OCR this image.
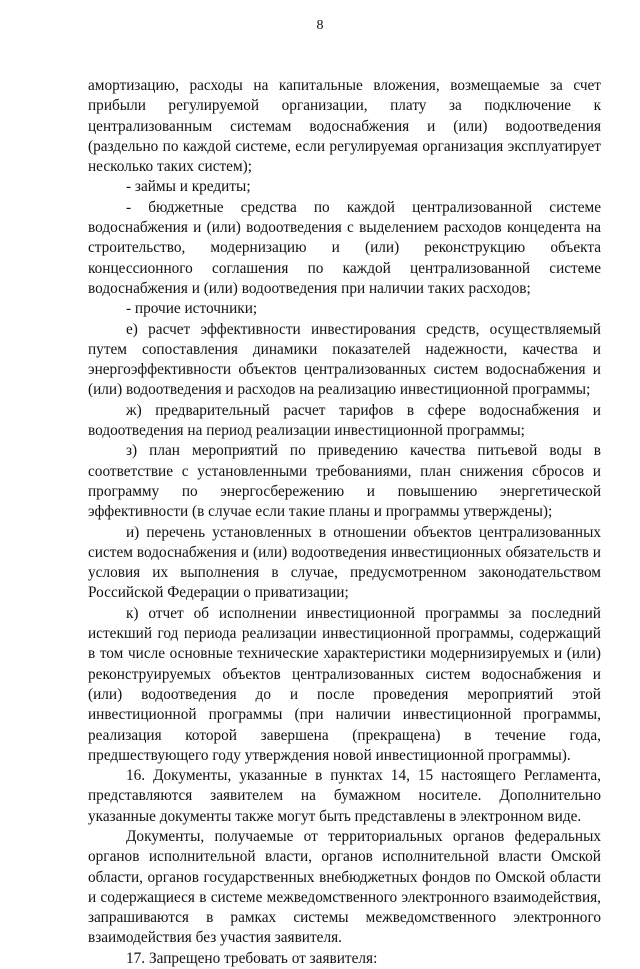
8

амортизацию, расходы на капитальные вложения, возмещаемые за счет прибыли регулируемой организации, плату за подключение к централизованным системам водоснабжения и (или) водоотведения (раздельно по каждой системе, если регулируемая организация эксплуатирует несколько таких систем);

- займы и кредиты;

- бюджетные средства по каждой централизованной системе водоснабжения и (или) водоотведения с выделением расходов концедента на строительство, модернизацию и (или) реконструкцию объекта концессионного соглашения по каждой централизованной системе водоснабжения и (или) водоотведения при наличии таких расходов;

- прочие источники;

е) расчет эффективности инвестирования средств, осуществляемый путем сопоставления динамики показателей надежности, качества и энергоэффективности объектов централизованных систем водоснабжения и (или) водоотведения и расходов на реализацию инвестиционной программы;

ж) предварительный расчет тарифов в сфере водоснабжения и водоотведения на период реализации инвестиционной программы;

з) план мероприятий по приведению качества питьевой воды в соответствие с установленными требованиями, план снижения сбросов и программу по энергосбережению и повышению энергетической эффективности (в случае если такие планы и программы утверждены);

и) перечень установленных в отношении объектов централизованных систем водоснабжения и (или) водоотведения инвестиционных обязательств и условия их выполнения в случае, предусмотренном законодательством Российской Федерации о приватизации;

к) отчет об исполнении инвестиционной программы за последний истекший год периода реализации инвестиционной программы, содержащий в том числе основные технические характеристики модернизируемых и (или) реконструируемых объектов централизованных систем водоснабжения и (или) водоотведения до и после проведения мероприятий этой инвестиционной программы (при наличии инвестиционной программы, реализация которой завершена (прекращена) в течение года, предшествующего году утверждения новой инвестиционной программы).

16. Документы, указанные в пунктах 14, 15 настоящего Регламента, представляются заявителем на бумажном носителе. Дополнительно указанные документы также могут быть представлены в электронном виде.

Документы, получаемые от территориальных органов федеральных органов исполнительной власти, органов исполнительной власти Омской области, органов государственных внебюджетных фондов по Омской области и содержащиеся в системе межведомственного электронного взаимодействия, запрашиваются в рамках системы межведомственного электронного взаимодействия без участия заявителя.

17. Запрещено требовать от заявителя:
